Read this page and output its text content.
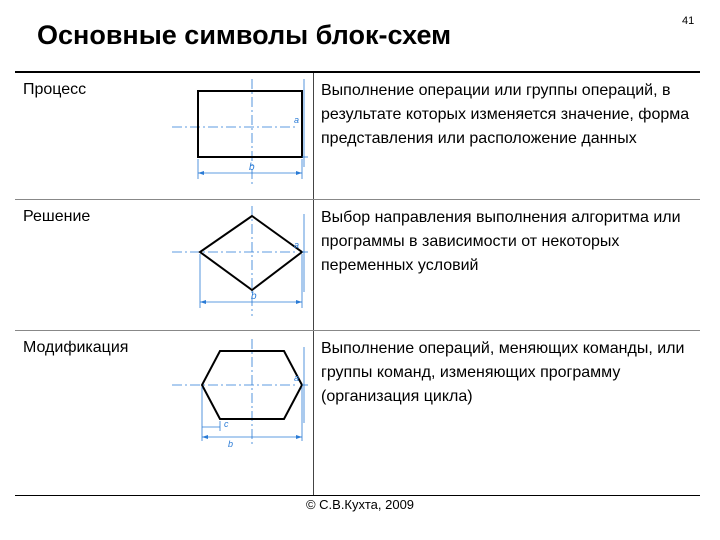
Основные символы блок-схем	41
Процесс
a
b
Выполнение операции или группы операций, в результате которых изменяется значение, форма представления или расположение данных
Решение
a
b
Выбор направления выполнения алгоритма или программы в зависимости от некоторых переменных условий
Модификация
a
c
b
Выполнение операций, меняющих команды, или группы команд, изменяющих программу (организация цикла)
© С.В.Кухта, 2009
